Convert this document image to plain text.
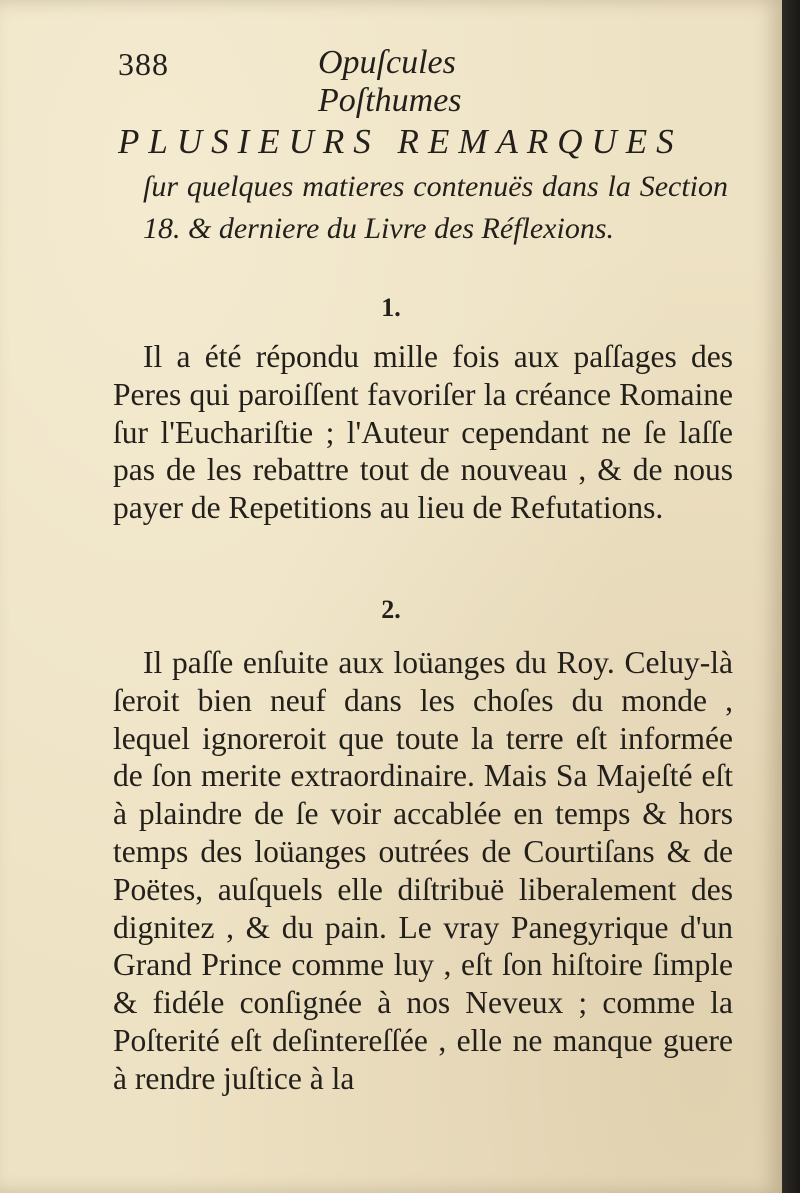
388	Opuſcules Poſthumes
PLUSIEURS REMARQUES
ſur quelques matieres contenuës dans la Section 18. & derniere du Livre des Réflexions.
1.
Il a été répondu mille fois aux paſſages des Peres qui paroiſſent favoriſer la créance Romaine ſur l'Euchariſtie ; l'Auteur cependant ne ſe laſſe pas de les rebattre tout de nouveau , & de nous payer de Repetitions au lieu de Refutations.
2.
Il paſſe enſuite aux loüanges du Roy. Celuy-là ſeroit bien neuf dans les choſes du monde , lequel ignoreroit que toute la terre eſt informée de ſon merite extraordinaire. Mais Sa Majeſté eſt à plaindre de ſe voir accablée en temps & hors temps des loüanges outrées de Courtiſans & de Poëtes, auſquels elle diſtribuë liberalement des dignitez , & du pain. Le vray Panegyrique d'un Grand Prince comme luy , eſt ſon hiſtoire ſimple & fidéle conſignée à nos Neveux ; comme la Poſterité eſt deſintereſſée , elle ne manque guere à rendre juſtice à la
